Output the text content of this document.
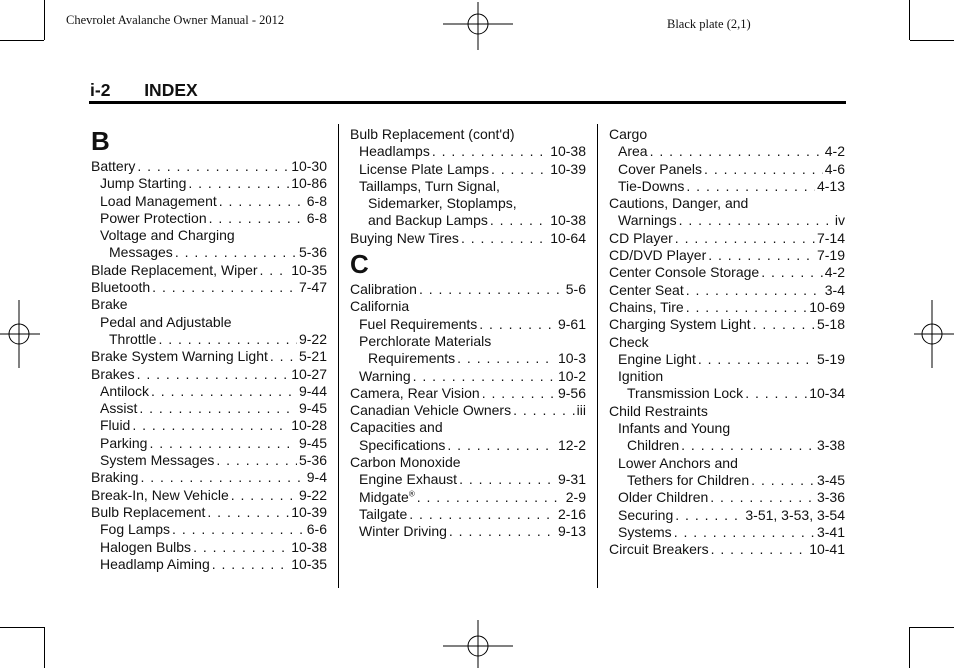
Chevrolet Avalanche Owner Manual - 2012	Black plate (2,1)
i-2 INDEX
B
Battery . . .	10-30
Jump Starting . . .	10-86
Load Management . . .	6-8
Power Protection . . .	6-8
Voltage and Charging
Messages . . .	5-36
Blade Replacement, Wiper . . . 10-35
Bluetooth . . .	7-47
Brake
Pedal and Adjustable
Throttle . . .	9-22
Brake System Warning Light . . . 5-21
Brakes . . .	10-27
Antilock . . .	9-44
Assist . . .	9-45
Fluid . . .	10-28
Parking . . .	9-45
System Messages . . .	5-36
Braking . . .	9-4
Break-In, New Vehicle . . .	9-22
Bulb Replacement . . .	10-39
Fog Lamps . . .	6-6
Halogen Bulbs . . .	10-38
Headlamp Aiming . . .	10-35
Bulb Replacement (cont'd)
Headlamps . . .	10-38
License Plate Lamps . . .	10-39
Taillamps, Turn Signal,
Sidemarker, Stoplamps,
and Backup Lamps . . .	10-38
Buying New Tires . . .	10-64
C
Calibration . . .	5-6
California
Fuel Requirements . . .	9-61
Perchlorate Materials
Requirements . . .	10-3
Warning . . .	10-2
Camera, Rear Vision . . .	9-56
Canadian Vehicle Owners . . .	iii
Capacities and
Specifications . . .	12-2
Carbon Monoxide
Engine Exhaust . . .	9-31
Midgate® . . .	2-9
Tailgate . . .	2-16
Winter Driving . . .	9-13
Cargo
Area . . .	4-2
Cover Panels . . .	4-6
Tie-Downs . . .	4-13
Cautions, Danger, and
Warnings . . .	iv
CD Player . . .	7-14
CD/DVD Player . . .	7-19
Center Console Storage . . .	4-2
Center Seat . . .	3-4
Chains, Tire . . .	10-69
Charging System Light . . .	5-18
Check
Engine Light . . .	5-19
Ignition
Transmission Lock . . .	10-34
Child Restraints
Infants and Young
Children . . .	3-38
Lower Anchors and
Tethers for Children . . .	3-45
Older Children . . .	3-36
Securing . . .	3-51, 3-53, 3-54
Systems . . .	3-41
Circuit Breakers . . .	10-41
